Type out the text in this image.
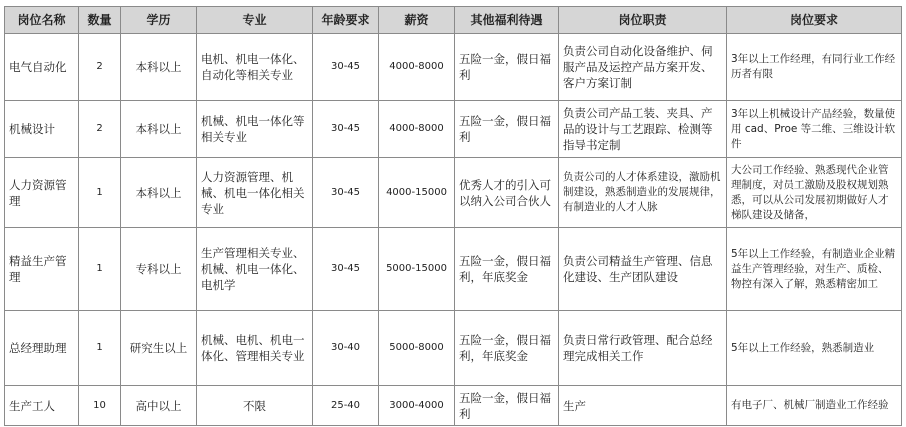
岗位名称	数量	学历	专业	年龄要求	薪资	其他福利待遇	岗位职责	岗位要求
电气自动化	2	本科以上	电机、机电一体化、自动化等相关专业	30-45	4000-8000	五险一金，假日福利	负责公司自动化设备维护、伺服产品及运控产品方案开发、客户方案订制	3年以上工作经理，有同行业工作经历者有限
机械设计	2	本科以上	机械、机电一体化等相关专业	30-45	4000-8000	五险一金，假日福利	负责公司产品工装、夹具、产品的设计与工艺跟踪、检测等指导书定制	3年以上机械设计产品经验，数量使用 cad、Proe 等二维、三维设计软件
人力资源管理	1	本科以上	人力资源管理、机械、机电一体化相关专业	30-45	4000-15000	优秀人才的引入可以纳入公司合伙人	负责公司的人才体系建设，激励机制建设，熟悉制造业的发展规律，有制造业的人才人脉	大公司工作经验、熟悉现代企业管理制度，对员工激励及股权规划熟悉，可以从公司发展初期做好人才梯队建设及储备，
精益生产管理	1	专科以上	生产管理相关专业、机械、机电一体化、电机学	30-45	5000-15000	五险一金，假日福利，年底奖金	负责公司精益生产管理、信息化建设、生产团队建设	5年以上工作经验，有制造业企业精益生产管理经验，对生产、质检、物控有深入了解，熟悉精密加工
总经理助理	1	研究生以上	机械、电机、机电一体化、管理相关专业	30-40	5000-8000	五险一金，假日福利，年底奖金	负责日常行政管理、配合总经理完成相关工作	5年以上工作经验，熟悉制造业
生产工人	10	高中以上	不限	25-40	3000-4000	五险一金，假日福利	生产	有电子厂、机械厂制造业工作经验
